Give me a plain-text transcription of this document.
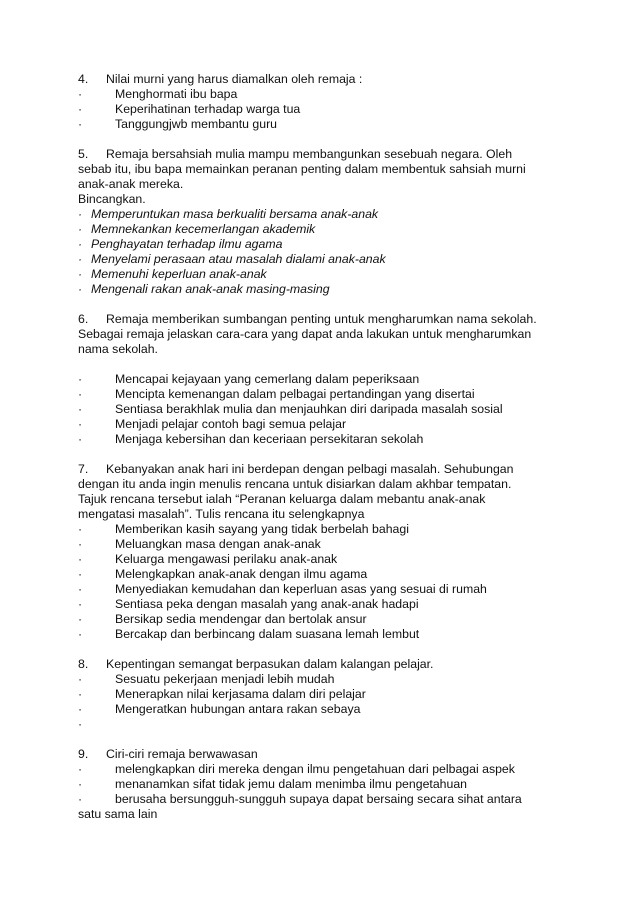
4. Nilai murni yang harus diamalkan oleh remaja :

·	Menghormati ibu bapa

·	Keperihatinan terhadap warga tua

·	Tanggungjwb membantu guru

5. Remaja bersahsiah mulia mampu membangunkan sesebuah negara. Oleh

sebab itu, ibu bapa memainkan peranan penting dalam membentuk sahsiah murni

anak-anak mereka.

Bincangkan.

· Memperuntukan masa berkualiti bersama anak-anak

· Memnekankan kecemerlangan akademik

· Penghayatan terhadap ilmu agama

· Menyelami perasaan atau masalah dialami anak-anak

· Memenuhi keperluan anak-anak

· Mengenali rakan anak-anak masing-masing

6. Remaja memberikan sumbangan penting untuk mengharumkan nama sekolah.

Sebagai remaja jelaskan cara-cara yang dapat anda lakukan untuk mengharumkan

nama sekolah.

·	Mencapai kejayaan yang cemerlang dalam peperiksaan

·	Mencipta kemenangan dalam pelbagai pertandingan yang disertai

·	Sentiasa berakhlak mulia dan menjauhkan diri daripada masalah sosial

·	Menjadi pelajar contoh bagi semua pelajar

·	Menjaga kebersihan dan keceriaan persekitaran sekolah

7. Kebanyakan anak hari ini berdepan dengan pelbagi masalah. Sehubungan

dengan itu anda ingin menulis rencana untuk disiarkan dalam akhbar tempatan.

Tajuk rencana tersebut ialah “Peranan keluarga dalam mebantu anak-anak

mengatasi masalah”. Tulis rencana itu selengkapnya

·	Memberikan kasih sayang yang tidak berbelah bahagi

·	Meluangkan masa dengan anak-anak

·	Keluarga mengawasi perilaku anak-anak

·	Melengkapkan anak-anak dengan ilmu agama

·	Menyediakan kemudahan dan keperluan asas yang sesuai di rumah

·	Sentiasa peka dengan masalah yang anak-anak hadapi

·	Bersikap sedia mendengar dan bertolak ansur

·	Bercakap dan berbincang dalam suasana lemah lembut

8. Kepentingan semangat berpasukan dalam kalangan pelajar.

·	Sesuatu pekerjaan menjadi lebih mudah

·	Menerapkan nilai kerjasama dalam diri pelajar

·	Mengeratkan hubungan antara rakan sebaya

·

9. Ciri-ciri remaja berwawasan

·	melengkapkan diri mereka dengan ilmu pengetahuan dari pelbagai aspek

·	menanamkan sifat tidak jemu dalam menimba ilmu pengetahuan

·	berusaha bersungguh-sungguh supaya dapat bersaing secara sihat antara

satu sama lain
